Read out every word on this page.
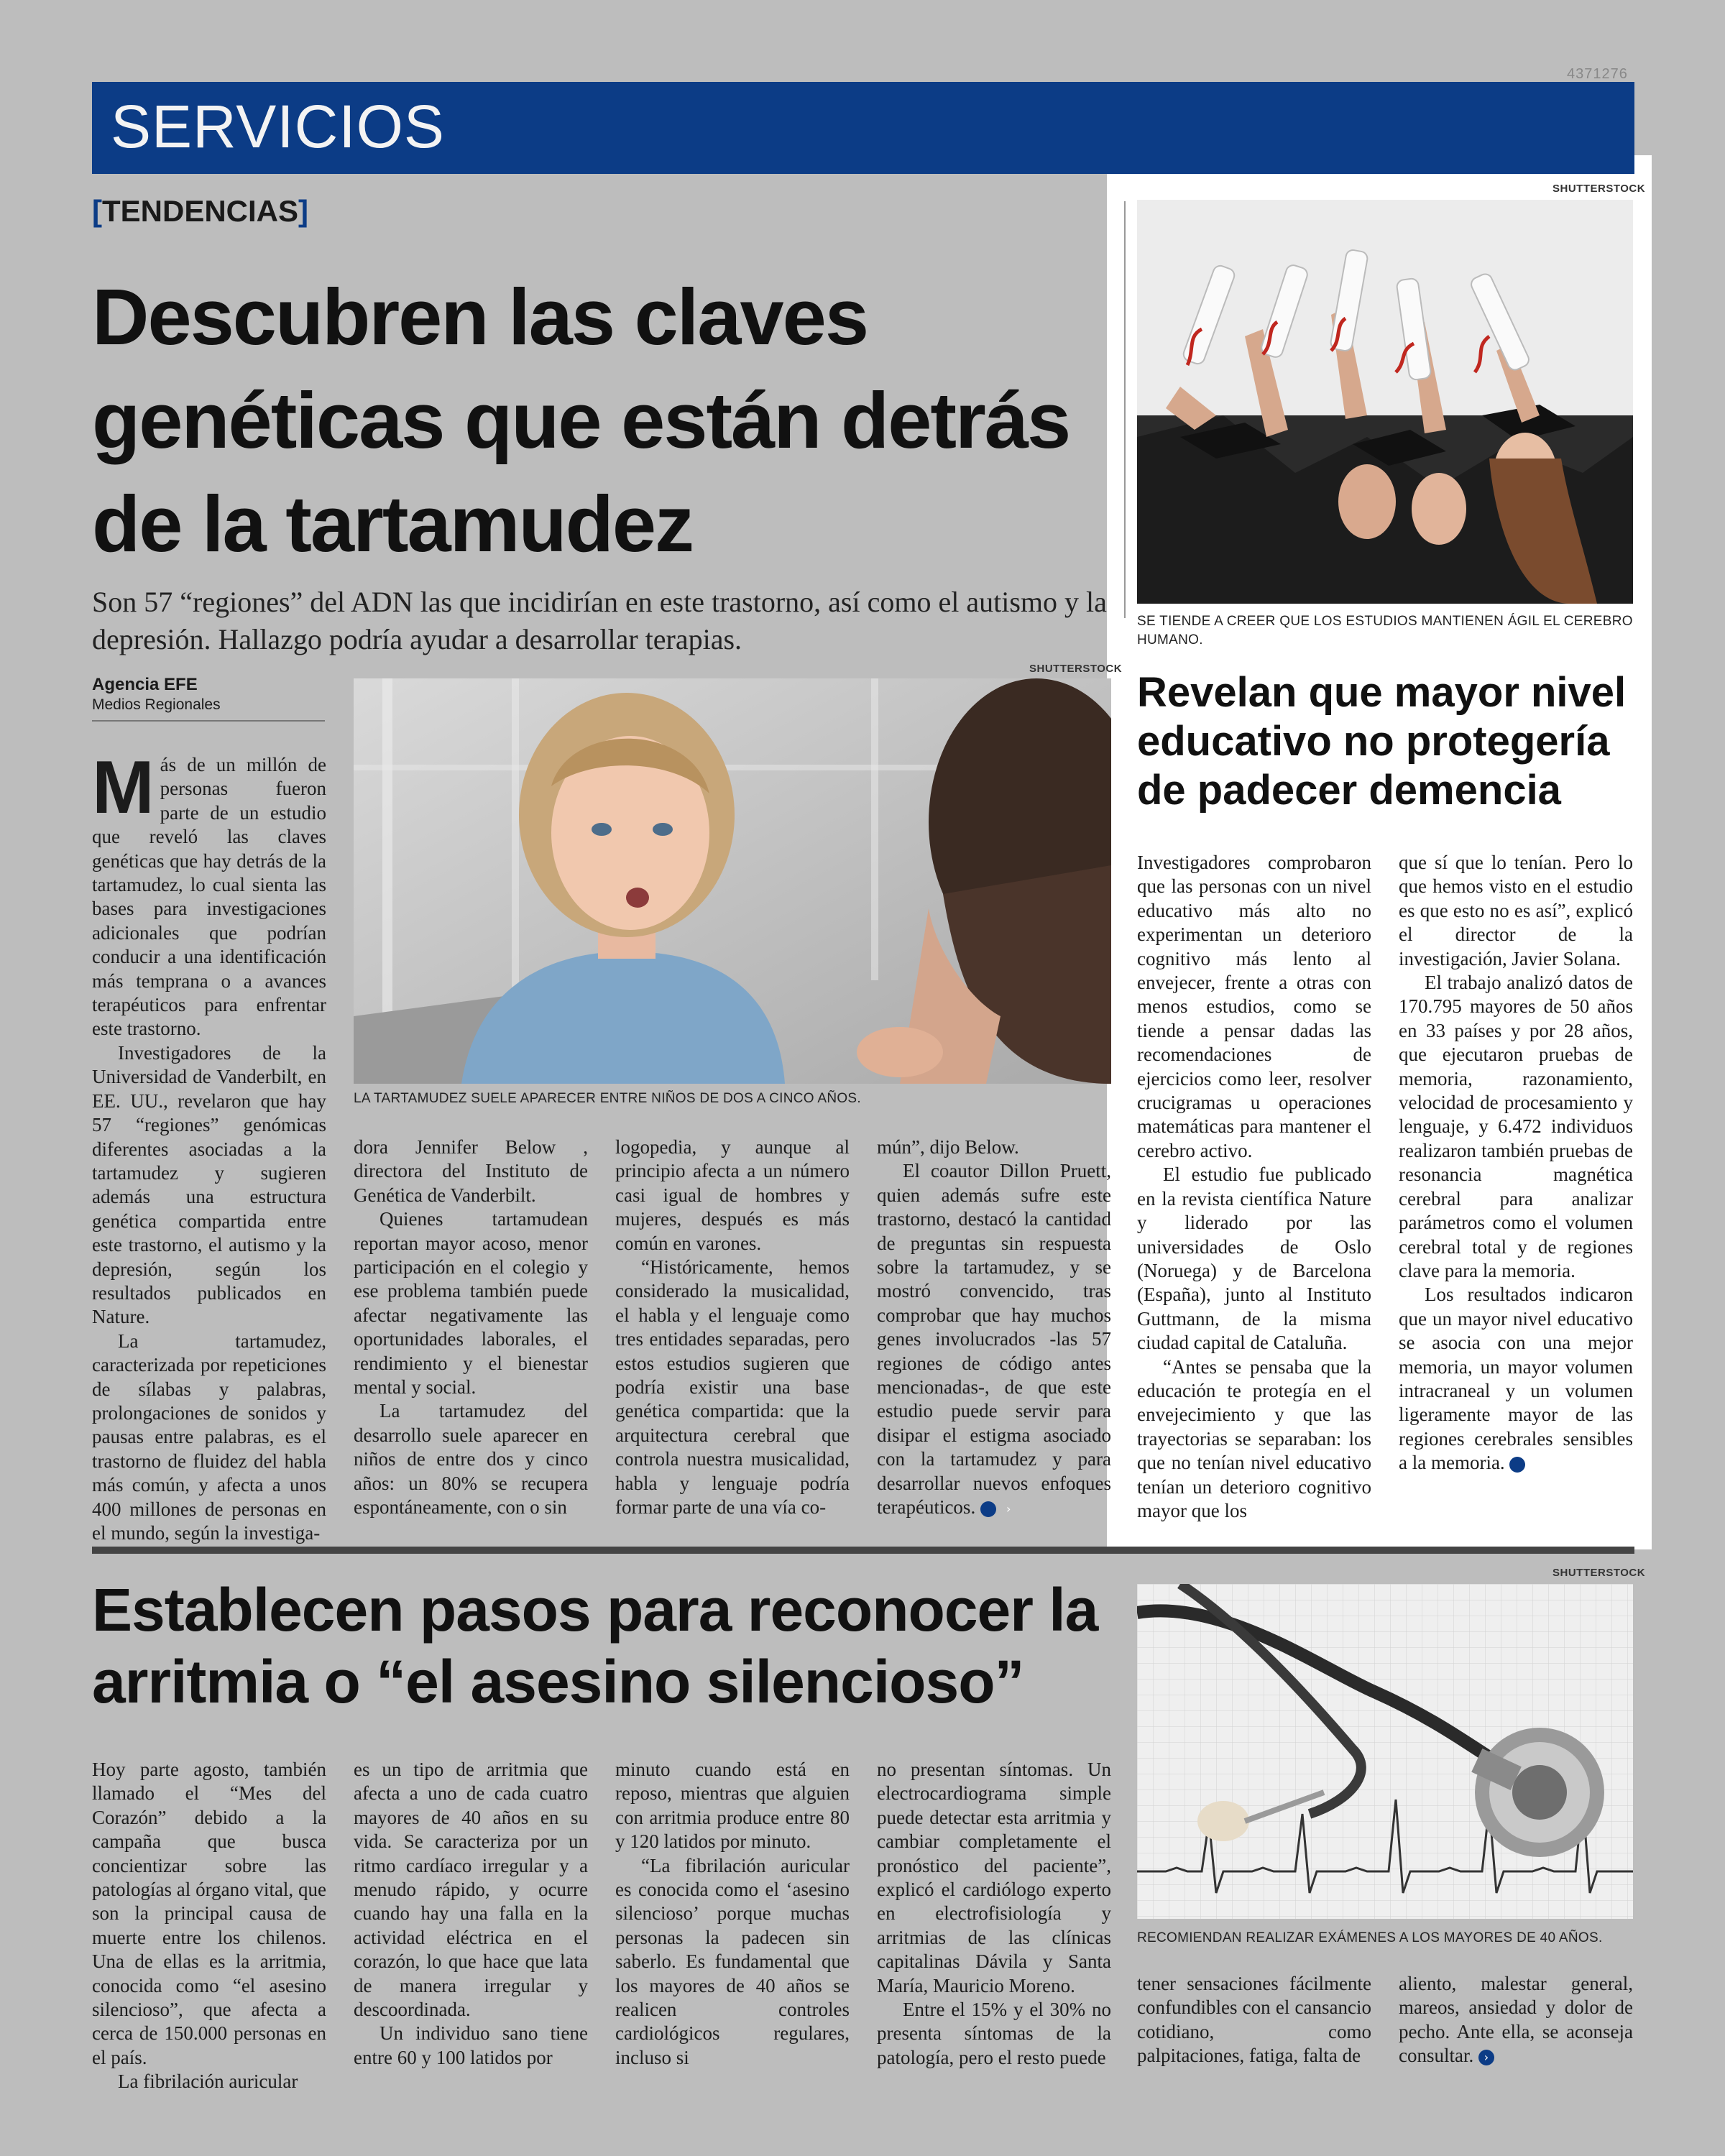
4371276
SERVICIOS
[TENDENCIAS]
Descubren las claves genéticas que están detrás de la tartamudez
Son 57 “regiones” del ADN las que incidirían en este trastorno, así como el autismo y la depresión. Hallazgo podría ayudar a desarrollar terapias.
Agencia EFE
Medios Regionales
SHUTTERSTOCK
LA TARTAMUDEZ SUELE APARECER ENTRE NIÑOS DE DOS A CINCO AÑOS.

Más de un millón de personas fueron parte de un estudio que reveló las claves genéticas que hay detrás de la tartamudez, lo cual sienta las bases para investigaciones adicionales que podrían conducir a una identificación más temprana o a avances terapéuticos para enfrentar este trastorno.

Investigadores de la Universidad de Vanderbilt, en EE. UU., revelaron que hay 57 “regiones” genómicas diferentes asociadas a la tartamudez y sugieren además una estructura genética compartida entre este trastorno, el autismo y la depresión, según los resultados publicados en Nature.

La tartamudez, caracterizada por repeticiones de sílabas y palabras, prolongaciones de sonidos y pausas entre palabras, es el trastorno de fluidez del habla más común, y afecta a unos 400 millones de personas en el mundo, según la investiga-

dora Jennifer Below , directora del Instituto de Genética de Vanderbilt.

Quienes tartamudean reportan mayor acoso, menor participación en el colegio y ese problema también puede afectar negativamente las oportunidades laborales, el rendimiento y el bienestar mental y social.

La tartamudez del desarrollo suele aparecer en niños de entre dos y cinco años: un 80% se recupera espontáneamente, con o sin

logopedia, y aunque al principio afecta a un número casi igual de hombres y mujeres, después es más común en varones.

“Históricamente, hemos considerado la musicalidad, el habla y el lenguaje como tres entidades separadas, pero estos estudios sugieren que podría existir una base genética compartida: que la arquitectura cerebral que controla nuestra musicalidad, habla y lenguaje podría formar parte de una vía co-

mún”, dijo Below.

El coautor Dillon Pruett, quien además sufre este trastorno, destacó la cantidad de preguntas sin respuesta sobre la tartamudez, y se mostró convencido, tras comprobar que hay muchos genes involucrados -las 57 regiones de código antes mencionadas-, de que este estudio puede servir para disipar el estigma asociado con la tartamudez y para desarrollar nuevos enfoques terapéuticos.	›

SHUTTERSTOCK
SE TIENDE A CREER QUE LOS ESTUDIOS MANTIENEN ÁGIL EL CEREBRO HUMANO.
Revelan que mayor nivel educativo no protegería de padecer demencia

Investigadores comprobaron que las personas con un nivel educativo más alto no experimentan un deterioro cognitivo más lento al envejecer, frente a otras con menos estudios, como se tiende a pensar dadas las recomendaciones de ejercicios como leer, resolver crucigramas u operaciones matemáticas para mantener el cerebro activo.

El estudio fue publicado en la revista científica Nature y liderado por las universidades de Oslo (Noruega) y de Barcelona (España), junto al Instituto Guttmann, de la misma ciudad capital de Cataluña.

“Antes se pensaba que la educación te protegía en el envejecimiento y que las trayectorias se separaban: los que no tenían nivel educativo tenían un deterioro cognitivo mayor que los

que sí que lo tenían. Pero lo que hemos visto en el estudio es que esto no es así”, explicó el director de la investigación, Javier Solana.

El trabajo analizó datos de 170.795 mayores de 50 años en 33 países y por 28 años, que ejecutaron pruebas de memoria, razonamiento, velocidad de procesamiento y lenguaje, y 6.472 individuos realizaron también pruebas de resonancia magnética cerebral para analizar parámetros como el volumen cerebral total y de regiones clave para la memoria.

Los resultados indicaron que un mayor nivel educativo se asocia con una mejor memoria, un mayor volumen intracraneal y un volumen ligeramente mayor de las regiones cerebrales sensibles a la memoria.	›

Establecen pasos para reconocer la arritmia o “el asesino silencioso”
SHUTTERSTOCK
RECOMIENDAN REALIZAR EXÁMENES A LOS MAYORES DE 40 AÑOS.

Hoy parte agosto, también llamado el “Mes del Corazón” debido a la campaña que busca concientizar sobre las patologías al órgano vital, que son la principal causa de muerte entre los chilenos. Una de ellas es la arritmia, conocida como “el asesino silencioso”, que afecta a cerca de 150.000 personas en el país.

La fibrilación auricular

es un tipo de arritmia que afecta a uno de cada cuatro mayores de 40 años en su vida. Se caracteriza por un ritmo cardíaco irregular y a menudo rápido, y ocurre cuando hay una falla en la actividad eléctrica en el corazón, lo que hace que lata de manera irregular y descoordinada.

Un individuo sano tiene entre 60 y 100 latidos por

minuto cuando está en reposo, mientras que alguien con arritmia produce entre 80 y 120 latidos por minuto.

“La fibrilación auricular es conocida como el ‘asesino silencioso’ porque muchas personas la padecen sin saberlo. Es fundamental que los mayores de 40 años se realicen controles cardiológicos regulares, incluso si

no presentan síntomas. Un electrocardiograma simple puede detectar esta arritmia y cambiar completamente el pronóstico del paciente”, explicó el cardiólogo experto en electrofisiología y arritmias de las clínicas capitalinas Dávila y Santa María, Mauricio Moreno.

Entre el 15% y el 30% no presenta síntomas de la patología, pero el resto puede

tener sensaciones fácilmente confundibles con el cansancio cotidiano, como palpitaciones, fatiga, falta de

aliento, malestar general, mareos, ansiedad y dolor de pecho. Ante ella, se aconseja consultar. ›
